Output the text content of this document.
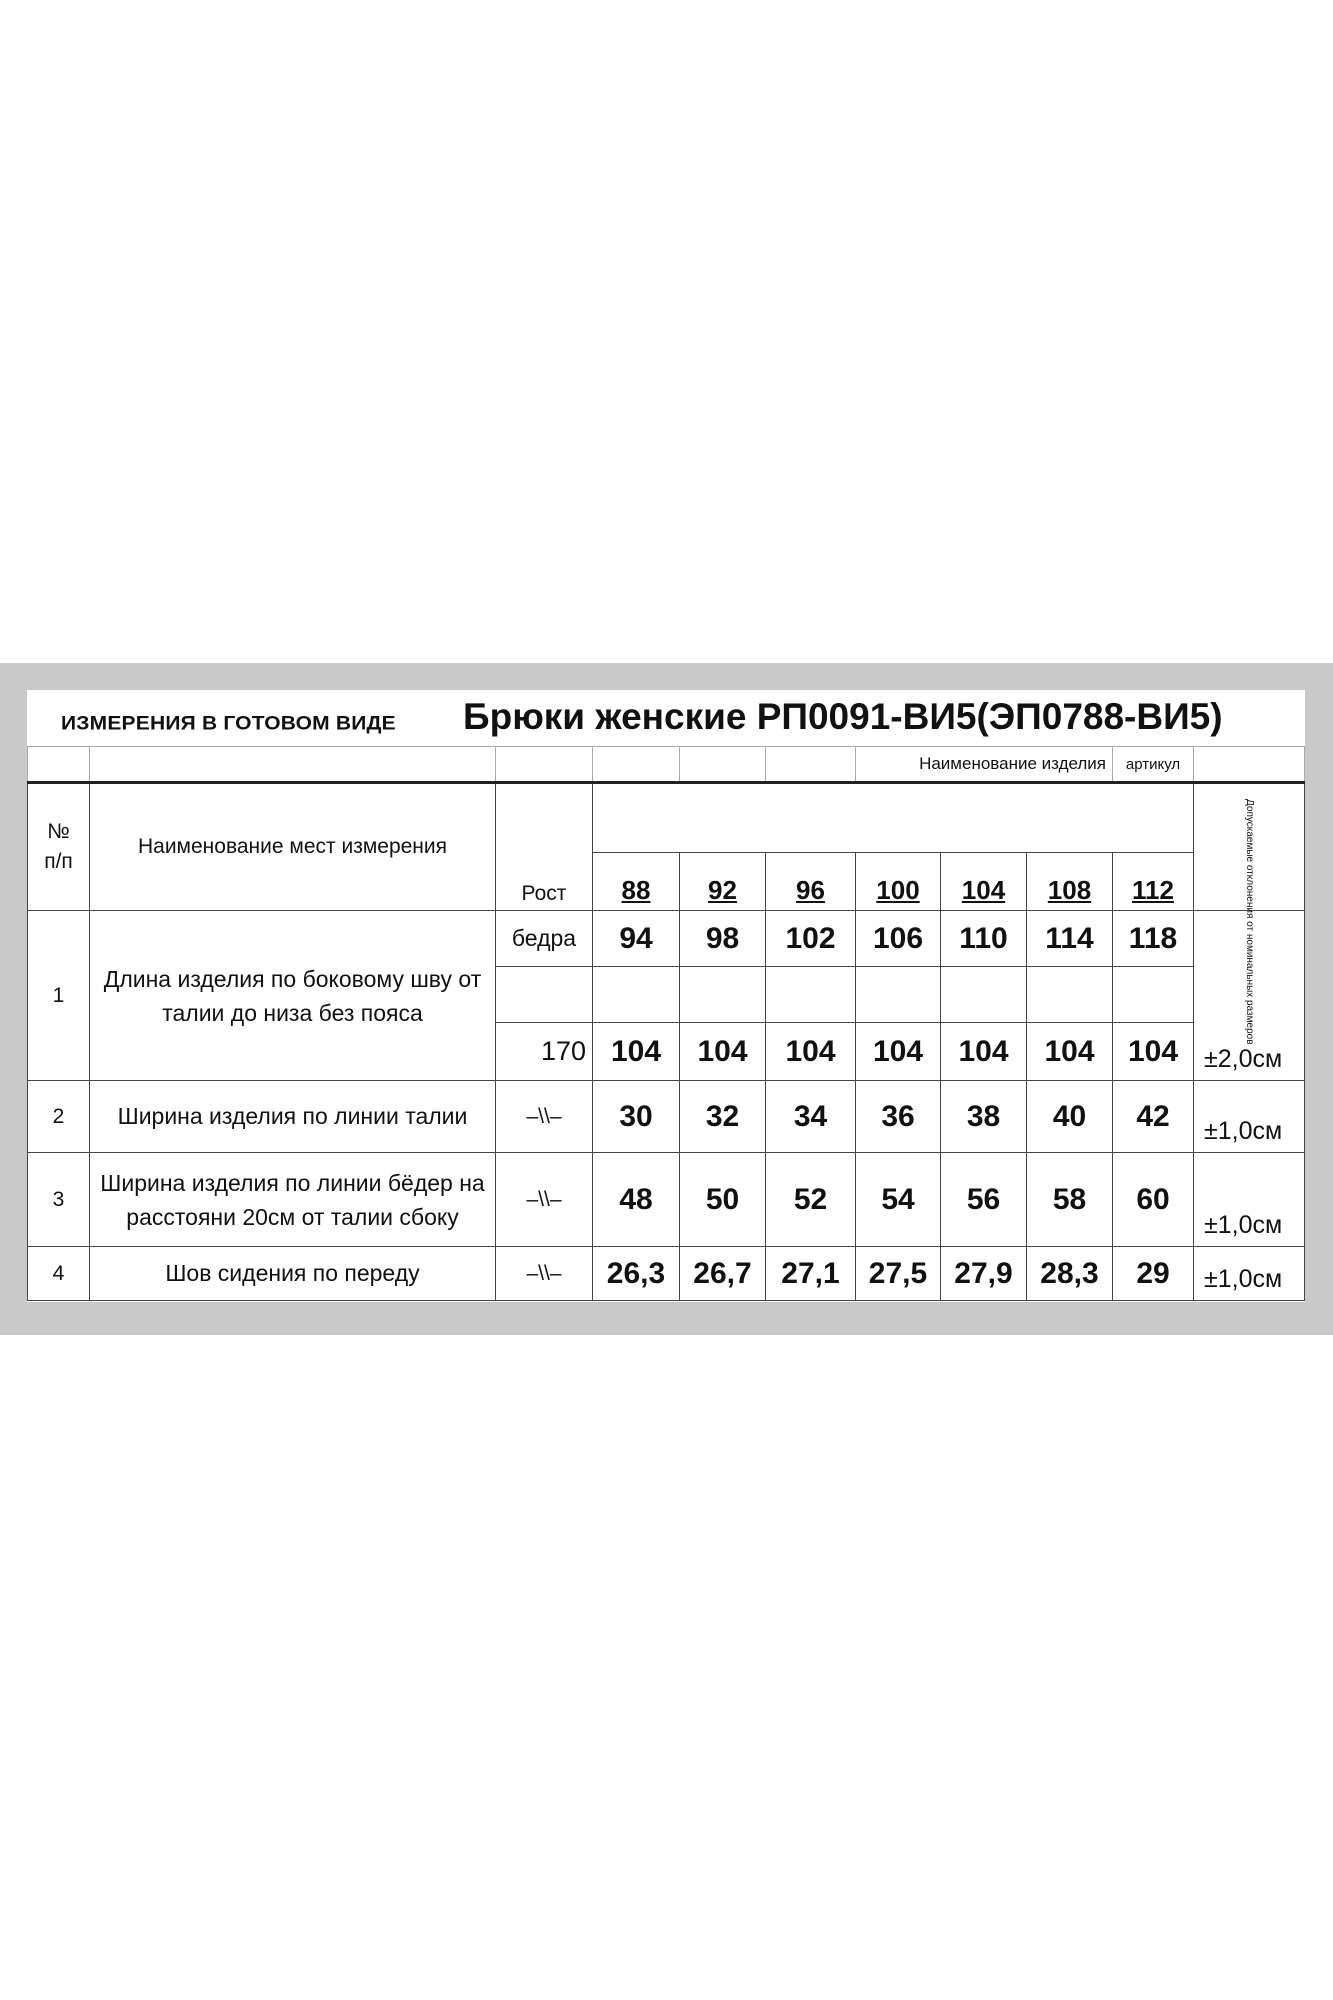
ИЗМЕРЕНИЯ В ГОТОВОМ ВИДЕ Брюки женские РП0091-ВИ5(ЭП0788-ВИ5)
						Наименование изделия			артикул	
№ п/п	Наименование мест измерения	Рост								Допускаемые отклонения от номинальных размеров
			88	92	96	100	104	108	112	
1	Длина изделия по боковому шву от талии до низа без пояса	бедра	94	98	102	106	110	114	118	±2,0см

		170	104	104	104	104	104	104	104	
2	Ширина изделия по линии талии	–\\–	30	32	34	36	38	40	42	±1,0см
3	Ширина изделия по линии бёдер на расстояни 20см от талии сбоку	–\\–	48	50	52	54	56	58	60	±1,0см
4	Шов сидения по переду	–\\–	26,3	26,7	27,1	27,5	27,9	28,3	29	±1,0см
